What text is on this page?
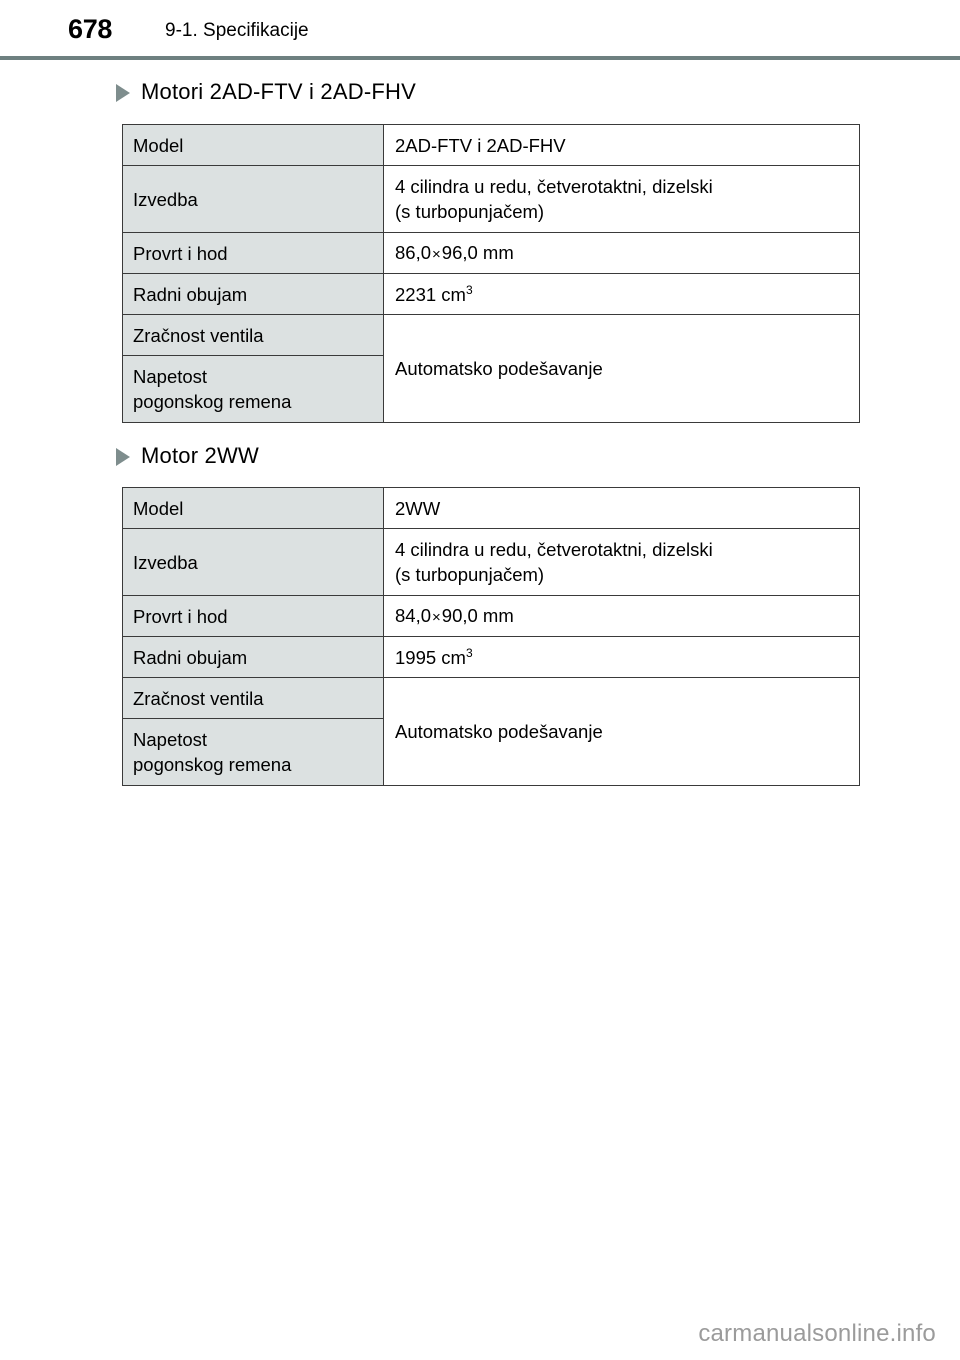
678	9-1. Specifikacije
Motori 2AD-FTV i 2AD-FHV
Model	2AD-FTV i 2AD-FHV
Izvedba	4 cilindra u redu, četverotaktni, dizelski
(s turbopunjačem)

Provrt i hod	86,0×96,0 mm
Radni obujam	2231 $cm^3$
Zračnost ventila	Automatsko podešavanje

Napetost
pogonskog remena	
Motor 2WW
Model	2WW
Izvedba	4 cilindra u redu, četverotaktni, dizelski
(s turbopunjačem)

Provrt i hod	84,0×90,0 mm
Radni obujam	1995 $cm^3$
Zračnost ventila	Automatsko podešavanje

Napetost
pogonskog remena	
carmanualsonline.info
